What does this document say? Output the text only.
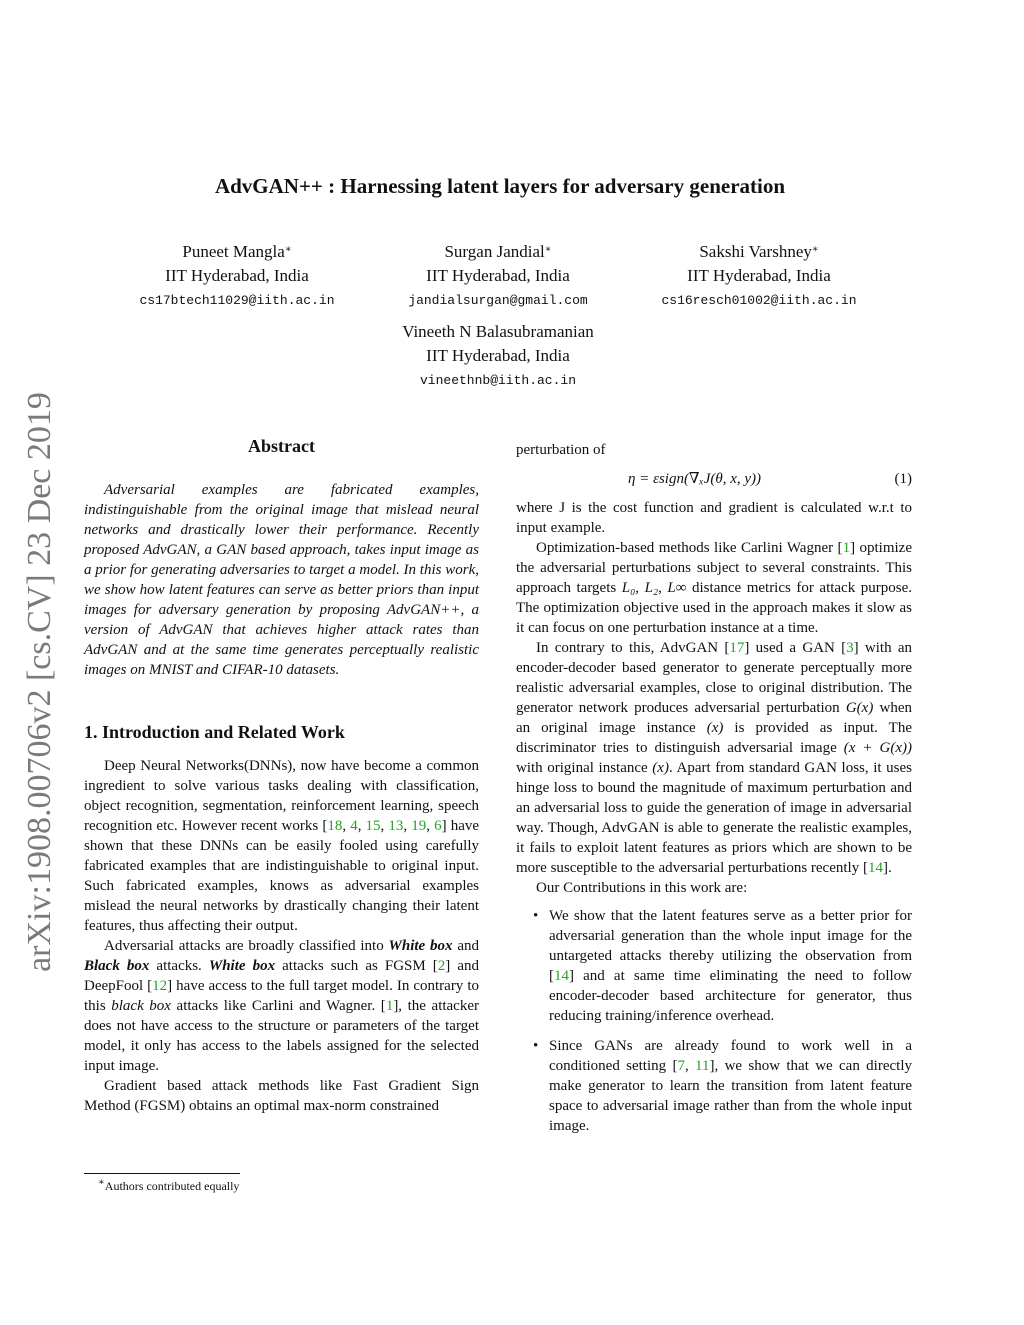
arXiv:1908.00706v2 [cs.CV] 23 Dec 2019
AdvGAN++ : Harnessing latent layers for adversary generation
Puneet Mangla∗
IIT Hyderabad, India
cs17btech11029@iith.ac.in
Surgan Jandial∗
IIT Hyderabad, India
jandialsurgan@gmail.com
Sakshi Varshney∗
IIT Hyderabad, India
cs16resch01002@iith.ac.in
Vineeth N Balasubramanian
IIT Hyderabad, India
vineethnb@iith.ac.in
Abstract

Adversarial examples are fabricated examples, indistinguishable from the original image that mislead neural networks and drastically lower their performance. Recently proposed AdvGAN, a GAN based approach, takes input image as a prior for generating adversaries to target a model. In this work, we show how latent features can serve as better priors than input images for adversary generation by proposing AdvGAN++, a version of AdvGAN that achieves higher attack rates than AdvGAN and at the same time generates perceptually realistic images on MNIST and CIFAR-10 datasets.

1. Introduction and Related Work

Deep Neural Networks(DNNs), now have become a common ingredient to solve various tasks dealing with classification, object recognition, segmentation, reinforcement learning, speech recognition etc. However recent works [18, 4, 15, 13, 19, 6] have shown that these DNNs can be easily fooled using carefully fabricated examples that are indistinguishable to original input. Such fabricated examples, knows as adversarial examples mislead the neural networks by drastically changing their latent features, thus affecting their output.

Adversarial attacks are broadly classified into White box and Black box attacks. White box attacks such as FGSM [2] and DeepFool [12] have access to the full target model. In contrary to this black box attacks like Carlini and Wagner. [1], the attacker does not have access to the structure or parameters of the target model, it only has access to the labels assigned for the selected input image.

Gradient based attack methods like Fast Gradient Sign Method (FGSM) obtains an optimal max-norm constrained

∗Authors contributed equally

perturbation of

η = εsign(∇ₓJ(θ, x, y))	(1)

where J is the cost function and gradient is calculated w.r.t to input example.

Optimization-based methods like Carlini Wagner [1] optimize the adversarial perturbations subject to several constraints. This approach targets L₀, L₂, L∞ distance metrics for attack purpose. The optimization objective used in the approach makes it slow as it can focus on one perturbation instance at a time.

In contrary to this, AdvGAN [17] used a GAN [3] with an encoder-decoder based generator to generate perceptually more realistic adversarial examples, close to original distribution. The generator network produces adversarial perturbation G(x) when an original image instance (x) is provided as input. The discriminator tries to distinguish adversarial image (x + G(x)) with original instance (x). Apart from standard GAN loss, it uses hinge loss to bound the magnitude of maximum perturbation and an adversarial loss to guide the generation of image in adversarial way. Though, AdvGAN is able to generate the realistic examples, it fails to exploit latent features as priors which are shown to be more susceptible to the adversarial perturbations recently [14].

Our Contributions in this work are:

• We show that the latent features serve as a better prior for adversarial generation than the whole input image for the untargeted attacks thereby utilizing the observation from [14] and at same time eliminating the need to follow encoder-decoder based architecture for generator, thus reducing training/inference overhead.
• Since GANs are already found to work well in a conditioned setting [7, 11], we show that we can directly make generator to learn the transition from latent feature space to adversarial image rather than from the whole input image.
